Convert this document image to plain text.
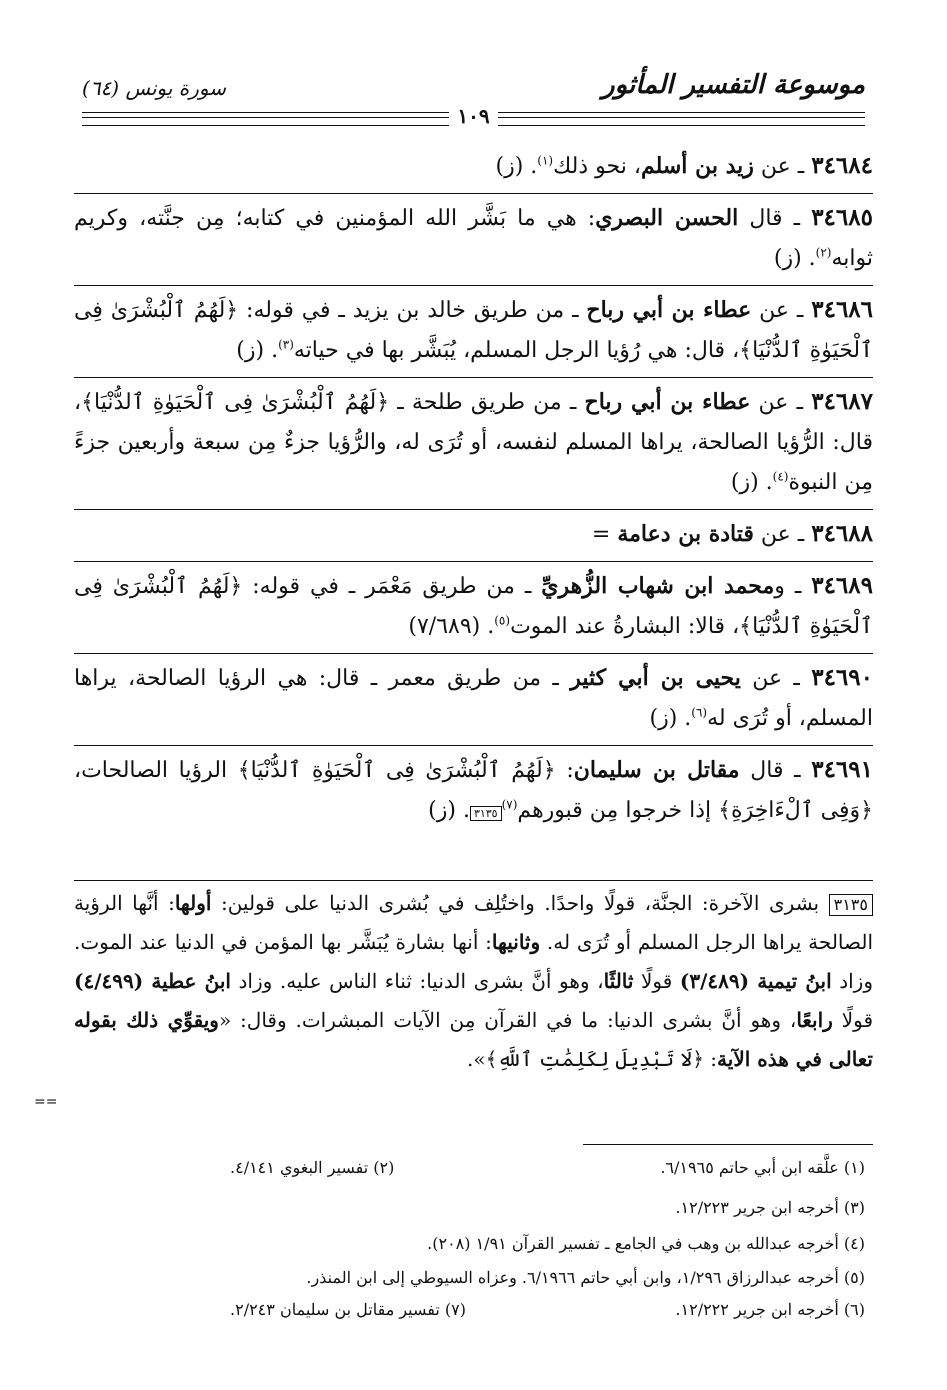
موسوعة التفسير المأثور
سورة يونس (٦٤)
١٠٩
٣٤٦٨٤ ـ عن زيد بن أسلم، نحو ذلك$^{(١)}$. (ز)
٣٤٦٨٥ ـ قال الحسن البصري: هي ما بَشَّر الله المؤمنين في كتابه؛ مِن جنَّته، وكريم ثوابه$^{(٢)}$. (ز)
٣٤٦٨٦ ـ عن عطاء بن أبي رباح ـ من طريق خالد بن يزيد ـ في قوله: ﴿لَهُمُ ٱلْبُشْرَىٰ فِى ٱلْحَيَوٰةِ ٱلدُّنْيَا﴾، قال: هي رُؤيا الرجل المسلم، يُبَشَّر بها في حياته$^{(٣)}$. (ز)
٣٤٦٨٧ ـ عن عطاء بن أبي رباح ـ من طريق طلحة ـ ﴿لَهُمُ ٱلْبُشْرَىٰ فِى ٱلْحَيَوٰةِ ٱلدُّنْيَا﴾، قال: الرُّؤيا الصالحة، يراها المسلم لنفسه، أو تُرَى له، والرُّؤيا جزءٌ مِن سبعة وأربعين جزءً مِن النبوة$^{(٤)}$. (ز)
٣٤٦٨٨ ـ عن قتادة بن دعامة =
٣٤٦٨٩ ـ ومحمد ابن شهاب الزُّهريِّ ـ من طريق مَعْمَر ـ في قوله: ﴿لَهُمُ ٱلْبُشْرَىٰ فِى ٱلْحَيَوٰةِ ٱلدُّنْيَا﴾، قالا: البشارةُ عند الموت$^{(٥)}$. (٧/٦٨٩)
٣٤٦٩٠ ـ عن يحيى بن أبي كثير ـ من طريق معمر ـ قال: هي الرؤيا الصالحة، يراها المسلم، أو تُرَى له$^{(٦)}$. (ز)
٣٤٦٩١ ـ قال مقاتل بن سليمان: ﴿لَهُمُ ٱلْبُشْرَىٰ فِى ٱلْحَيَوٰةِ ٱلدُّنْيَا﴾ الرؤيا الصالحات، ﴿وَفِى ٱلْءَاخِرَةِ﴾ إذا خرجوا مِن قبورهم$^{(٧)}$٣١٣٥. (ز)
٣١٣٥ بشرى الآخرة: الجنَّة، قولًا واحدًا. واختُلِف في بُشرى الدنيا على قولين: أولها: أنَّها الرؤية الصالحة يراها الرجل المسلم أو تُرَى له. وثانيها: أنها بشارة يُبَشَّر بها المؤمن في الدنيا عند الموت. وزاد ابنُ تيمية (٣/٤٨٩) قولًا ثالثًا، وهو أنَّ بشرى الدنيا: ثناء الناس عليه. وزاد ابنُ عطية (٤/٤٩٩) قولًا رابعًا، وهو أنَّ بشرى الدنيا: ما في القرآن مِن الآيات المبشرات. وقال: «ويقوِّي ذلك بقوله تعالى في هذه الآية: ﴿لَا تَبْدِيلَ لِكَلِمَٰتِ ٱللَّهِ﴾».
==
(١) علَّقه ابن أبي حاتم ٦/١٩٦٥.
(٢) تفسير البغوي ٤/١٤١.
(٣) أخرجه ابن جرير ١٢/٢٢٣.
(٤) أخرجه عبدالله بن وهب في الجامع ـ تفسير القرآن ١/٩١ (٢٠٨).
(٥) أخرجه عبدالرزاق ١/٢٩٦، وابن أبي حاتم ٦/١٩٦٦. وعزاه السيوطي إلى ابن المنذر.
(٦) أخرجه ابن جرير ١٢/٢٢٢.
(٧) تفسير مقاتل بن سليمان ٢/٢٤٣.
